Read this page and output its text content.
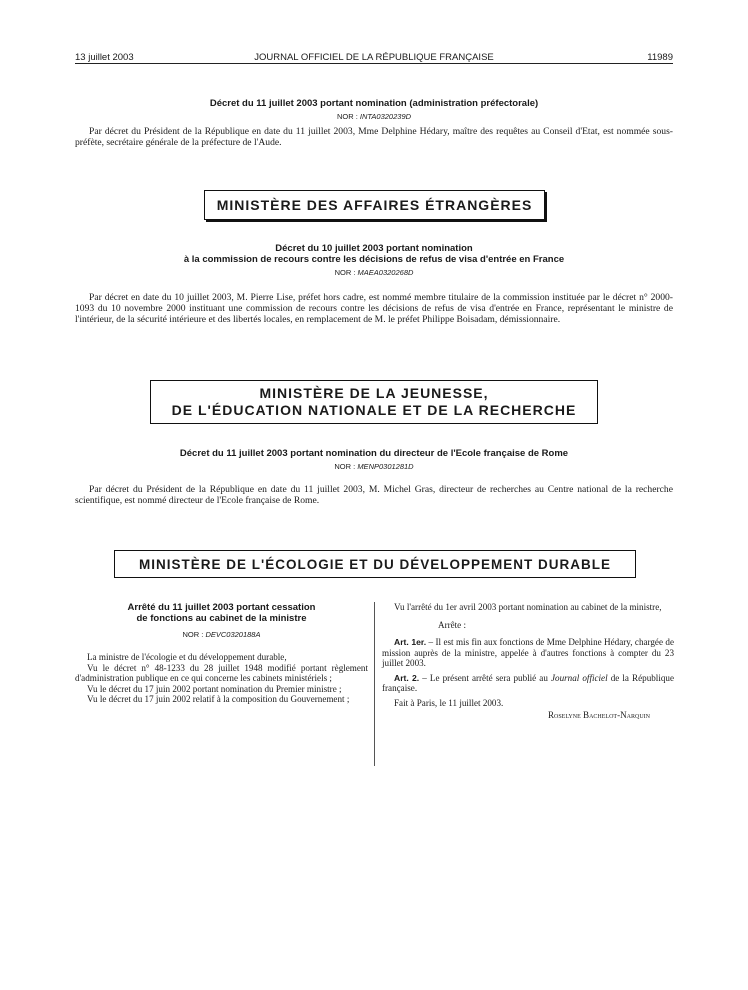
13 juillet 2003	JOURNAL OFFICIEL DE LA RÉPUBLIQUE FRANÇAISE	11989
Décret du 11 juillet 2003 portant nomination (administration préfectorale)
NOR : INTA0320239D
Par décret du Président de la République en date du 11 juillet 2003, Mme Delphine Hédary, maître des requêtes au Conseil d'Etat, est nommée sous-préfète, secrétaire générale de la préfecture de l'Aude.
MINISTÈRE DES AFFAIRES ÉTRANGÈRES
Décret du 10 juillet 2003 portant nomination
à la commission de recours contre les décisions de refus de visa d'entrée en France
NOR : MAEA0320268D
Par décret en date du 10 juillet 2003, M. Pierre Lise, préfet hors cadre, est nommé membre titulaire de la commission instituée par le décret n° 2000-1093 du 10 novembre 2000 instituant une commission de recours contre les décisions de refus de visa d'entrée en France, représentant le ministre de l'intérieur, de la sécurité intérieure et des libertés locales, en remplacement de M. le préfet Philippe Boisadam, démissionnaire.
MINISTÈRE DE LA JEUNESSE,
DE L'ÉDUCATION NATIONALE ET DE LA RECHERCHE
Décret du 11 juillet 2003 portant nomination du directeur de l'Ecole française de Rome
NOR : MENP0301281D
Par décret du Président de la République en date du 11 juillet 2003, M. Michel Gras, directeur de recherches au Centre national de la recherche scientifique, est nommé directeur de l'Ecole française de Rome.
MINISTÈRE DE L'ÉCOLOGIE ET DU DÉVELOPPEMENT DURABLE
Arrêté du 11 juillet 2003 portant cessation
de fonctions au cabinet de la ministre
NOR : DEVC0320188A

La ministre de l'écologie et du développement durable,

Vu le décret n° 48-1233 du 28 juillet 1948 modifié portant règlement d'administration publique en ce qui concerne les cabinets ministériels ;

Vu le décret du 17 juin 2002 portant nomination du Premier ministre ;

Vu le décret du 17 juin 2002 relatif à la composition du Gouvernement ;

Vu l'arrêté du 1er avril 2003 portant nomination au cabinet de la ministre,

Arrête :

Art. 1er. – Il est mis fin aux fonctions de Mme Delphine Hédary, chargée de mission auprès de la ministre, appelée à d'autres fonctions à compter du 23 juillet 2003.

Art. 2. – Le présent arrêté sera publié au Journal officiel de la République française.

Fait à Paris, le 11 juillet 2003.

Roselyne Bachelot-Narquin
